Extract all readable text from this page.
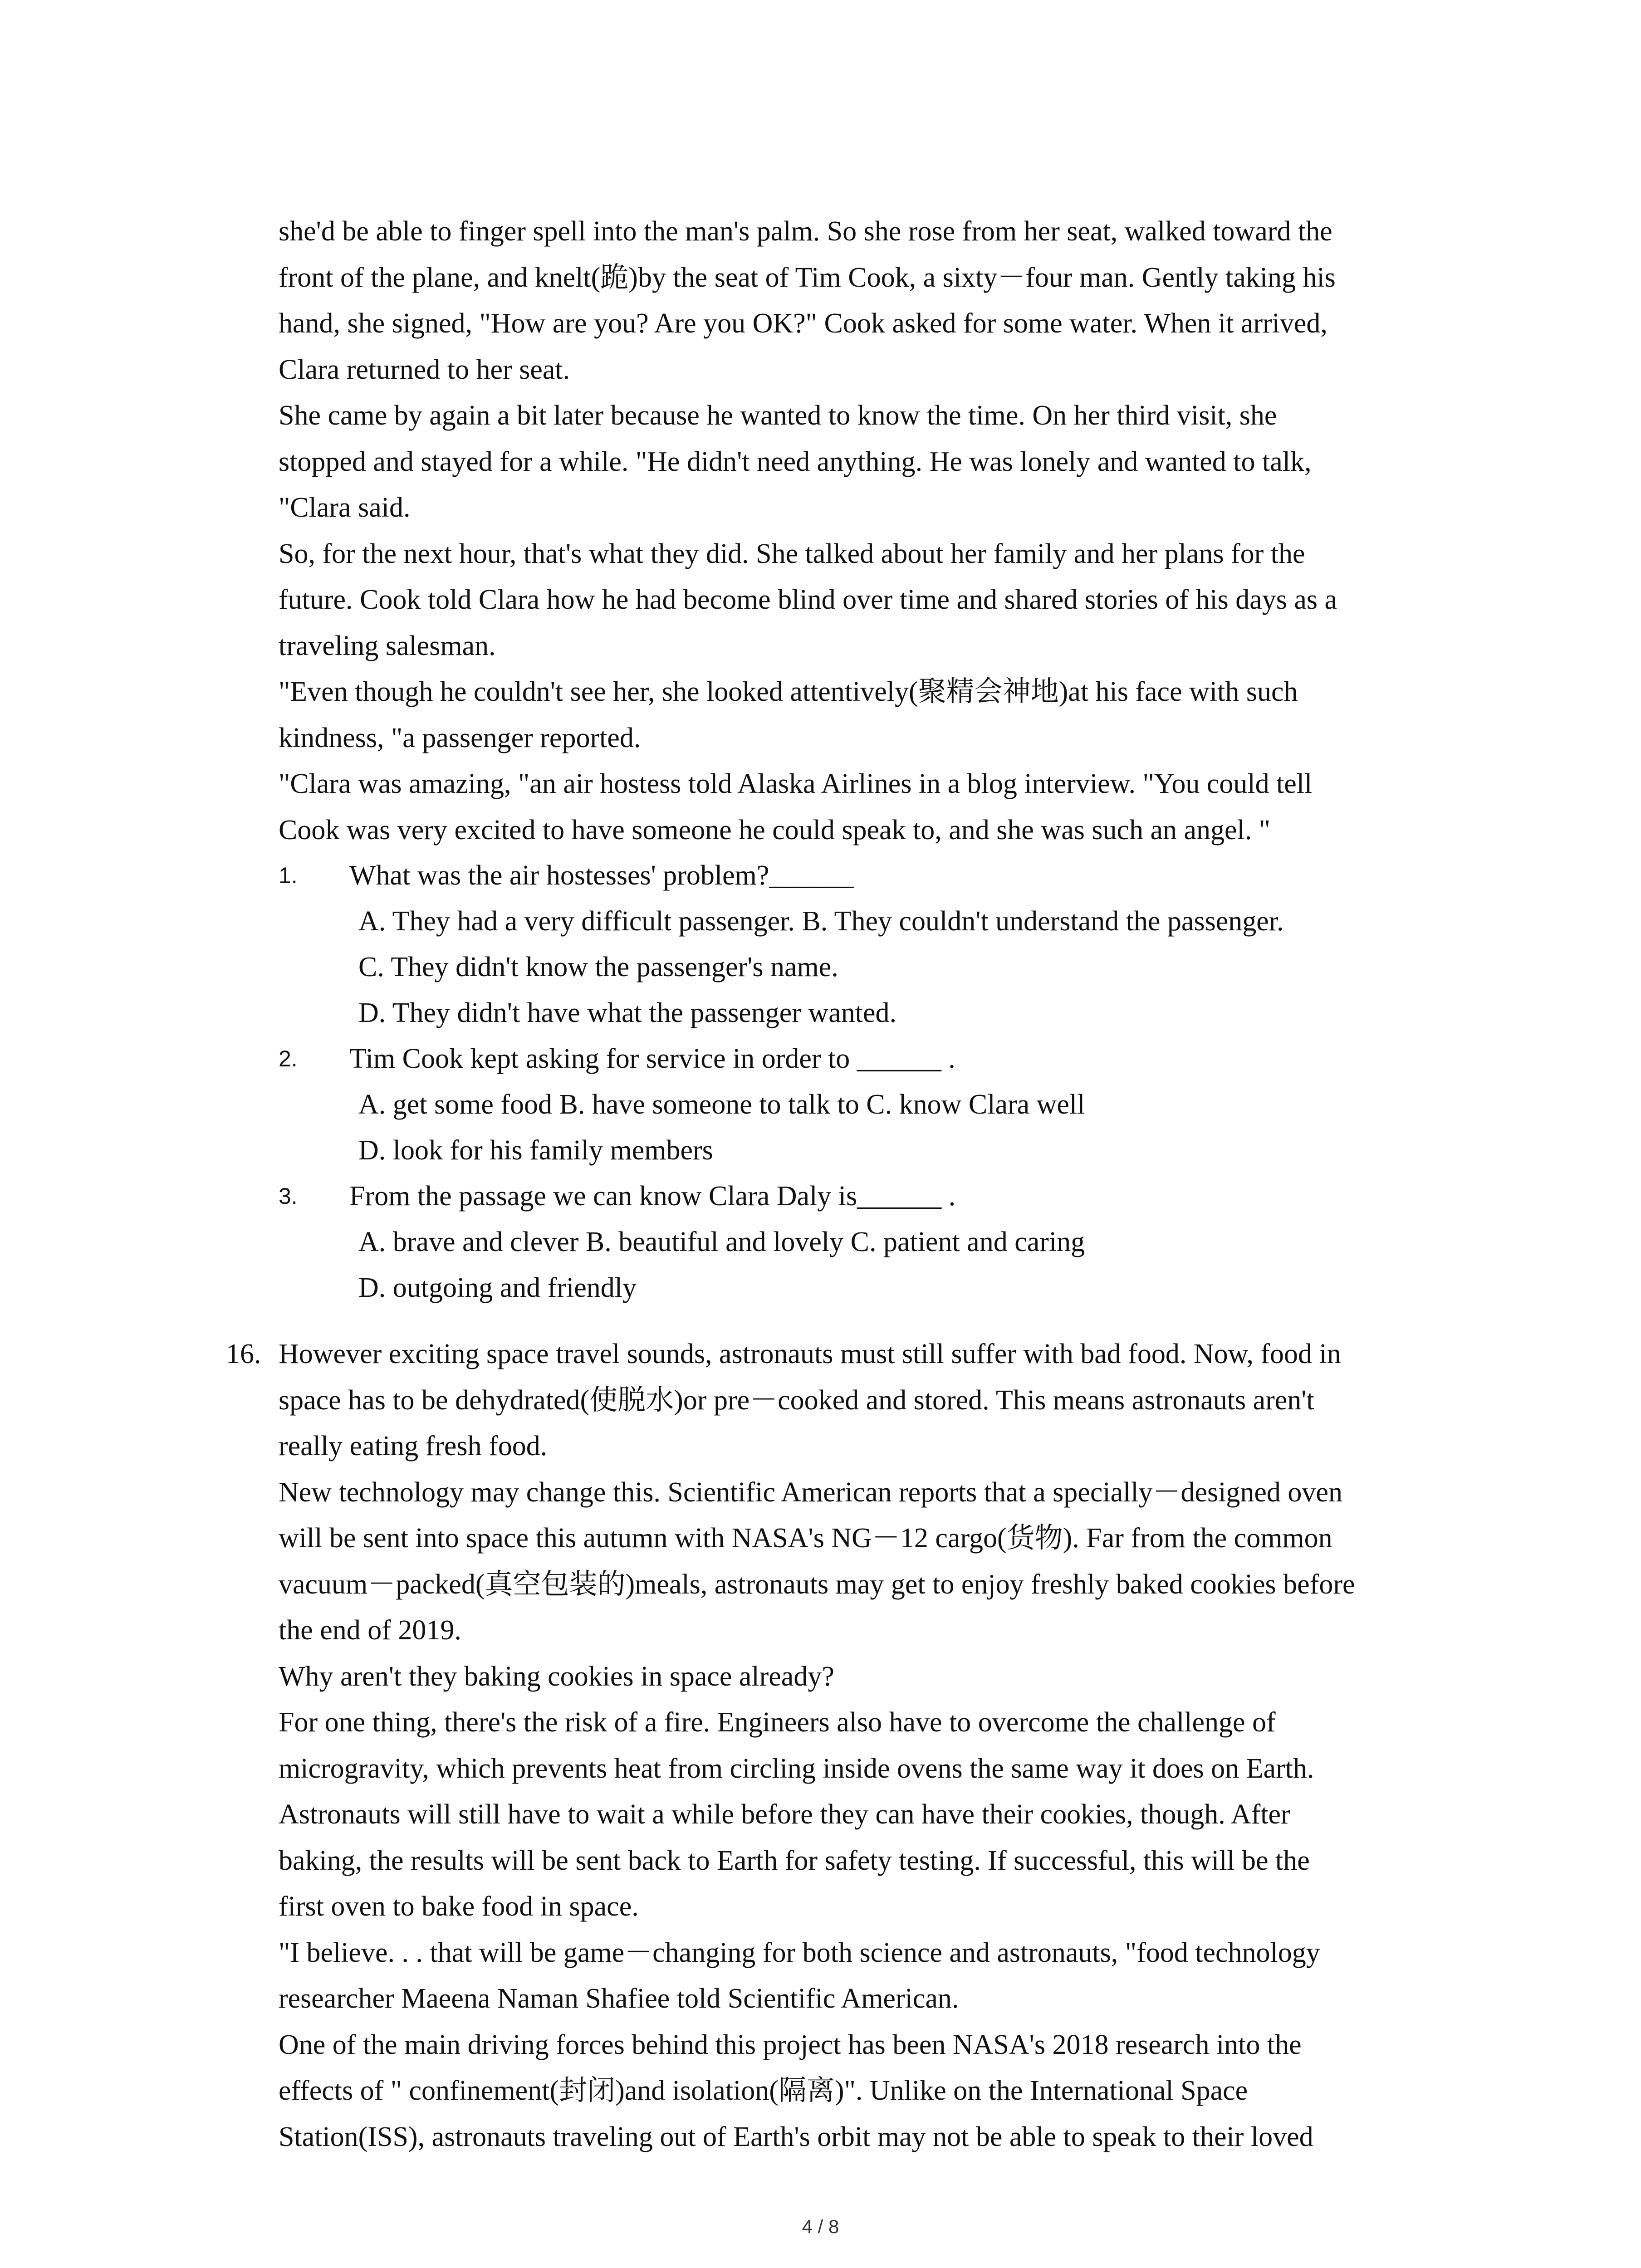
she'd be able to finger spell into the man's palm. So she rose from her seat, walked toward the
front of the plane, and knelt(跪)by the seat of Tim Cook, a sixty－four man. Gently taking his
hand, she signed, "How are you? Are you OK?" Cook asked for some water. When it arrived,
Clara returned to her seat.
She came by again a bit later because he wanted to know the time. On her third visit, she
stopped and stayed for a while. "He didn't need anything. He was lonely and wanted to talk,
"Clara said.
So, for the next hour, that's what they did. She talked about her family and her plans for the
future. Cook told Clara how he had become blind over time and shared stories of his days as a
traveling salesman.
"Even though he couldn't see her, she looked attentively(聚精会神地)at his face with such
kindness, "a passenger reported.
"Clara was amazing, "an air hostess told Alaska Airlines in a blog interview. "You could tell
Cook was very excited to have someone he could speak to, and she was such an angel. "
1. What was the air hostesses' problem?______
A. They had a very difficult passenger. B. They couldn't understand the passenger.
C. They didn't know the passenger's name.
D. They didn't have what the passenger wanted.
2. Tim Cook kept asking for service in order to ______ .
A. get some food B. have someone to talk to C. know Clara well
D. look for his family members
3. From the passage we can know Clara Daly is______ .
A. brave and clever B. beautiful and lovely C. patient and caring
D. outgoing and friendly
16. However exciting space travel sounds, astronauts must still suffer with bad food. Now, food in
space has to be dehydrated(使脱水)or pre－cooked and stored. This means astronauts aren't
really eating fresh food.
New technology may change this. Scientific American reports that a specially－designed oven
will be sent into space this autumn with NASA's NG－12 cargo(货物). Far from the common
vacuum－packed(真空包装的)meals, astronauts may get to enjoy freshly baked cookies before
the end of 2019.
Why aren't they baking cookies in space already?
For one thing, there's the risk of a fire. Engineers also have to overcome the challenge of
microgravity, which prevents heat from circling inside ovens the same way it does on Earth.
Astronauts will still have to wait a while before they can have their cookies, though. After
baking, the results will be sent back to Earth for safety testing. If successful, this will be the
first oven to bake food in space.
"I believe. . . that will be game－changing for both science and astronauts, "food technology
researcher Maeena Naman Shafiee told Scientific American.
One of the main driving forces behind this project has been NASA's 2018 research into the
effects of " confinement(封闭)and isolation(隔离)". Unlike on the International Space
Station(ISS), astronauts traveling out of Earth's orbit may not be able to speak to their loved
4 / 8
